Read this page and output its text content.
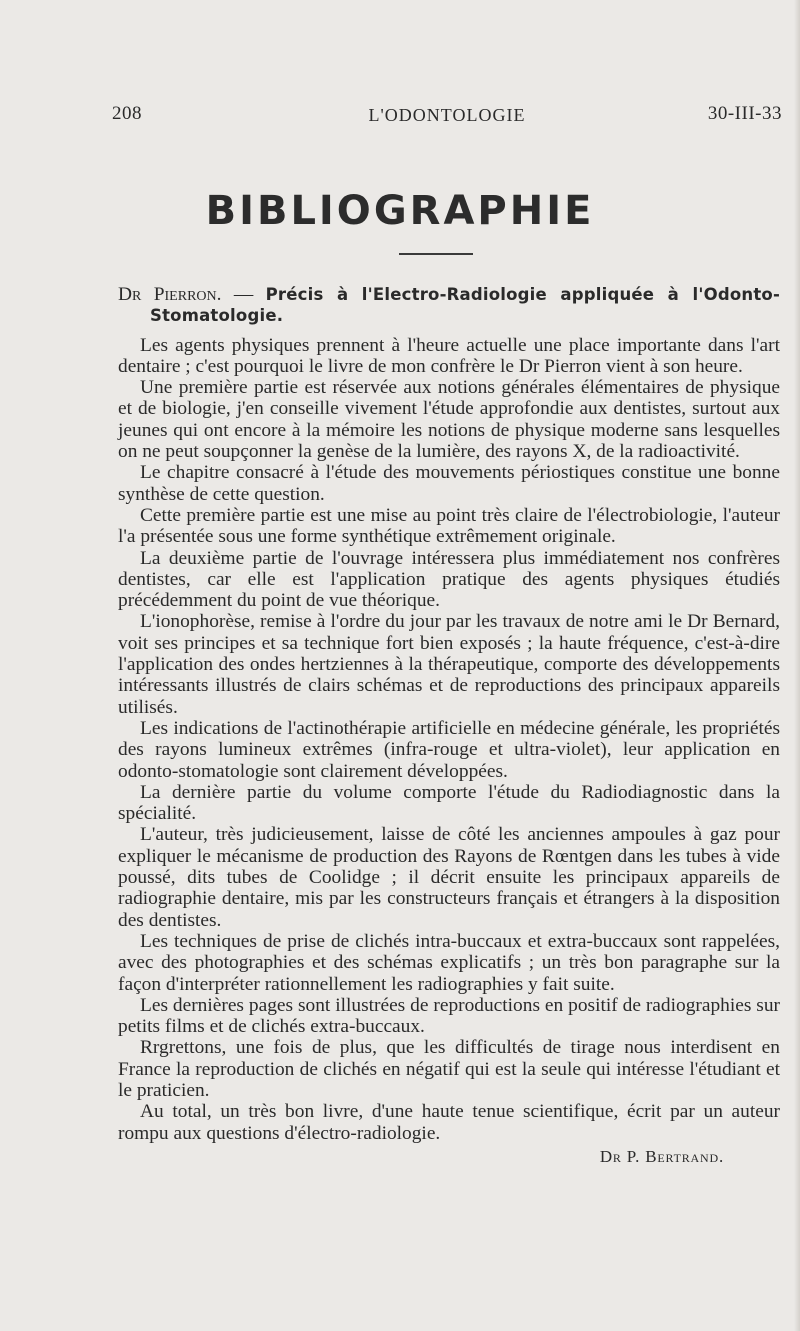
208	L'ODONTOLOGIE	30-III-33
BIBLIOGRAPHIE

Dr Pierron. — Précis à l'Electro-Radiologie appliquée à l'Odonto-Stomatologie.

Les agents physiques prennent à l'heure actuelle une place importante dans l'art dentaire ; c'est pourquoi le livre de mon confrère le Dr Pierron vient à son heure.

Une première partie est réservée aux notions générales élémentaires de physique et de biologie, j'en conseille vivement l'étude approfondie aux dentistes, surtout aux jeunes qui ont encore à la mémoire les notions de physique moderne sans lesquelles on ne peut soupçonner la genèse de la lumière, des rayons X, de la radioactivité.

Le chapitre consacré à l'étude des mouvements périostiques constitue une bonne synthèse de cette question.

Cette première partie est une mise au point très claire de l'électrobiologie, l'auteur l'a présentée sous une forme synthétique extrêmement originale.

La deuxième partie de l'ouvrage intéressera plus immédiatement nos confrères dentistes, car elle est l'application pratique des agents physiques étudiés précédemment du point de vue théorique.

L'ionophorèse, remise à l'ordre du jour par les travaux de notre ami le Dr Bernard, voit ses principes et sa technique fort bien exposés ; la haute fréquence, c'est-à-dire l'application des ondes hertziennes à la thérapeutique, comporte des développements intéressants illustrés de clairs schémas et de reproductions des principaux appareils utilisés.

Les indications de l'actinothérapie artificielle en médecine générale, les propriétés des rayons lumineux extrêmes (infra-rouge et ultra-violet), leur application en odonto-stomatologie sont clairement développées.

La dernière partie du volume comporte l'étude du Radiodiagnostic dans la spécialité.

L'auteur, très judicieusement, laisse de côté les anciennes ampoules à gaz pour expliquer le mécanisme de production des Rayons de Rœntgen dans les tubes à vide poussé, dits tubes de Coolidge ; il décrit ensuite les principaux appareils de radiographie dentaire, mis par les constructeurs français et étrangers à la disposition des dentistes.

Les techniques de prise de clichés intra-buccaux et extra-buccaux sont rappelées, avec des photographies et des schémas explicatifs ; un très bon paragraphe sur la façon d'interpréter rationnellement les radiographies y fait suite.

Les dernières pages sont illustrées de reproductions en positif de radiographies sur petits films et de clichés extra-buccaux.

Rrgrettons, une fois de plus, que les difficultés de tirage nous interdisent en France la reproduction de clichés en négatif qui est la seule qui intéresse l'étudiant et le praticien.

Au total, un très bon livre, d'une haute tenue scientifique, écrit par un auteur rompu aux questions d'électro-radiologie.

Dr P. Bertrand.
